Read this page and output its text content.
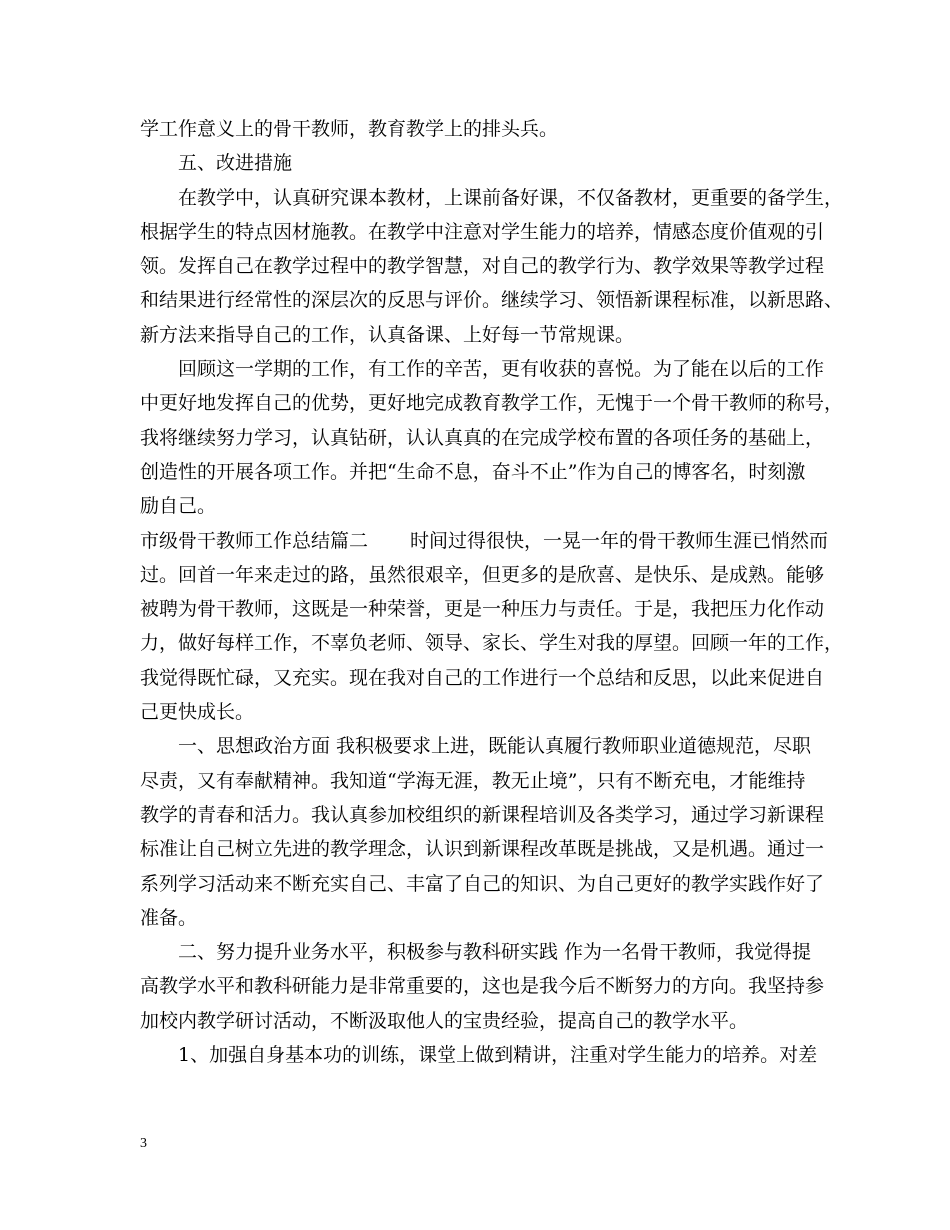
学工作意义上的骨干教师，教育教学上的排头兵。
五、改进措施
在教学中，认真研究课本教材，上课前备好课，不仅备教材，更重要的备学生，
根据学生的特点因材施教。在教学中注意对学生能力的培养，情感态度价值观的引
领。发挥自己在教学过程中的教学智慧，对自己的教学行为、教学效果等教学过程
和结果进行经常性的深层次的反思与评价。继续学习、领悟新课程标准，以新思路、
新方法来指导自己的工作，认真备课、上好每一节常规课。
回顾这一学期的工作，有工作的辛苦，更有收获的喜悦。为了能在以后的工作
中更好地发挥自己的优势，更好地完成教育教学工作，无愧于一个骨干教师的称号，
我将继续努力学习，认真钻研，认认真真的在完成学校布置的各项任务的基础上，
创造性的开展各项工作。并把“生命不息，奋斗不止”作为自己的博客名，时刻激
励自己。
市级骨干教师工作总结篇二 时间过得很快，一晃一年的骨干教师生涯已悄然而
过。回首一年来走过的路，虽然很艰辛，但更多的是欣喜、是快乐、是成熟。能够
被聘为骨干教师，这既是一种荣誉，更是一种压力与责任。于是，我把压力化作动
力，做好每样工作，不辜负老师、领导、家长、学生对我的厚望。回顾一年的工作，
我觉得既忙碌，又充实。现在我对自己的工作进行一个总结和反思，以此来促进自
己更快成长。
一、思想政治方面 我积极要求上进，既能认真履行教师职业道德规范，尽职
尽责，又有奉献精神。我知道“学海无涯，教无止境”，只有不断充电，才能维持
教学的青春和活力。我认真参加校组织的新课程培训及各类学习，通过学习新课程
标准让自己树立先进的教学理念，认识到新课程改革既是挑战，又是机遇。通过一
系列学习活动来不断充实自己、丰富了自己的知识、为自己更好的教学实践作好了
准备。
二、努力提升业务水平，积极参与教科研实践 作为一名骨干教师，我觉得提
高教学水平和教科研能力是非常重要的，这也是我今后不断努力的方向。我坚持参
加校内教学研讨活动，不断汲取他人的宝贵经验，提高自己的教学水平。
1、加强自身基本功的训练，课堂上做到精讲，注重对学生能力的培养。对差
3
